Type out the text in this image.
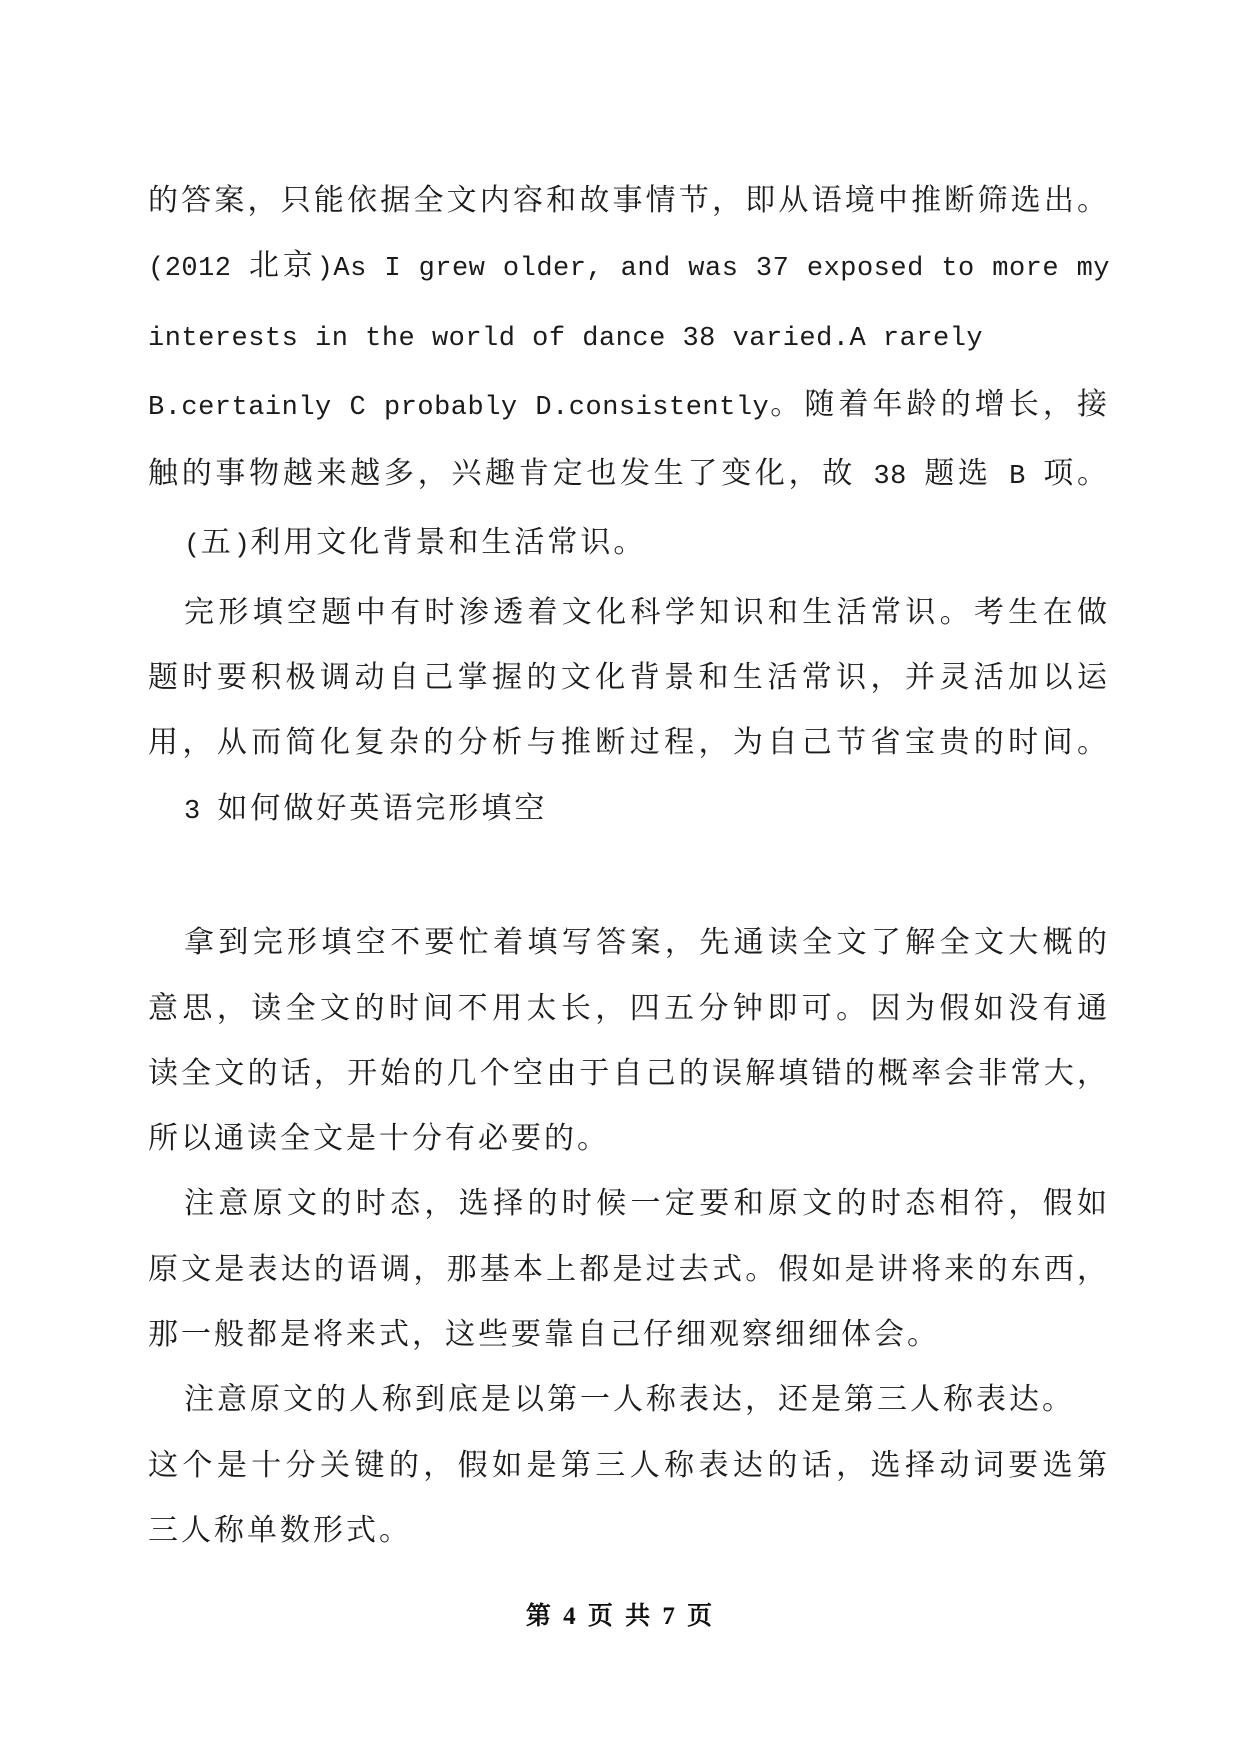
的答案，只能依据全文内容和故事情节，即从语境中推断筛选出。
(2012 北京)As I grew older, and was 37 exposed to more my
interests in the world of dance 38 varied.A rarely
B.certainly C probably D.consistently。随着年龄的增长，接
触的事物越来越多，兴趣肯定也发生了变化，故 38 题选 B 项。
(五)利用文化背景和生活常识。
完形填空题中有时渗透着文化科学知识和生活常识。考生在做
题时要积极调动自己掌握的文化背景和生活常识，并灵活加以运
用，从而简化复杂的分析与推断过程，为自己节省宝贵的时间。
3 如何做好英语完形填空
拿到完形填空不要忙着填写答案，先通读全文了解全文大概的
意思，读全文的时间不用太长，四五分钟即可。因为假如没有通
读全文的话，开始的几个空由于自己的误解填错的概率会非常大，
所以通读全文是十分有必要的。
注意原文的时态，选择的时候一定要和原文的时态相符，假如
原文是表达的语调，那基本上都是过去式。假如是讲将来的东西，
那一般都是将来式，这些要靠自己仔细观察细细体会。
注意原文的人称到底是以第一人称表达，还是第三人称表达。
这个是十分关键的，假如是第三人称表达的话，选择动词要选第
三人称单数形式。
第 4 页 共 7 页
